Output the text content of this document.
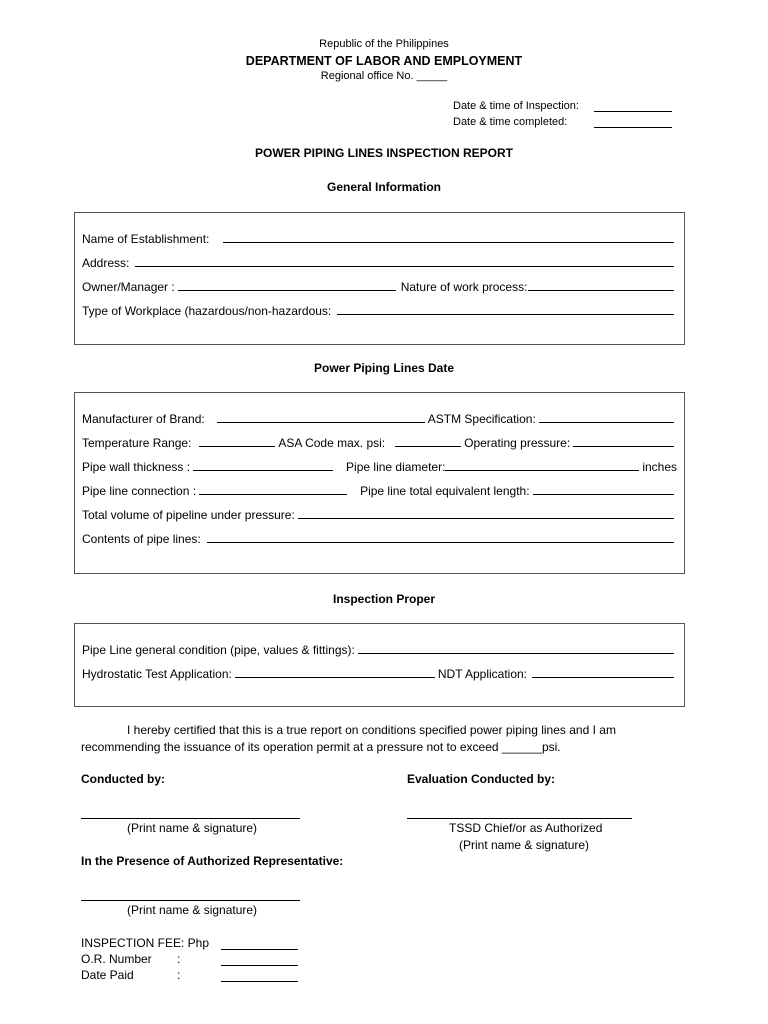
Republic of the Philippines
DEPARTMENT OF LABOR AND EMPLOYMENT
Regional office No. _____
Date & time of Inspection:
Date & time completed:
POWER PIPING LINES INSPECTION REPORT
General Information
Name of Establishment:
Address:
Owner/Manager :	Nature of work process:
Type of Workplace (hazardous/non-hazardous:
Power Piping Lines Date
Manufacturer of Brand:	ASTM Specification:
Temperature Range:	ASA Code max. psi:	Operating pressure:
Pipe wall thickness :	Pipe line diameter:	inches
Pipe line connection :	Pipe line total equivalent length:
Total volume of pipeline under pressure:
Contents of pipe lines:
Inspection Proper
Pipe Line general condition (pipe, values & fittings):
Hydrostatic Test Application:	NDT Application:
I hereby certified that this is a true report on conditions specified power piping lines and I am
recommending the issuance of its operation permit at a pressure not to exceed ______psi.
Conducted by:	Evaluation Conducted by:
(Print name & signature)	TSSD Chief/or as Authorized
(Print name & signature)
In the Presence of Authorized Representative:
(Print name & signature)
INSPECTION FEE: Php
O.R. Number :
Date Paid	:
